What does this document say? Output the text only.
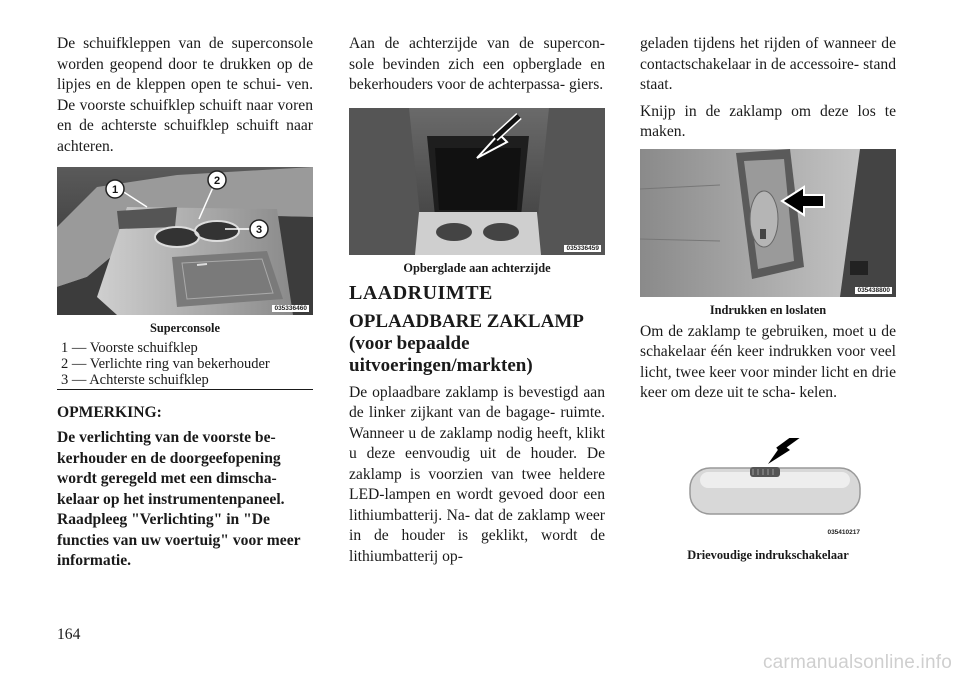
De schuifkleppen van de superconsole worden geopend door te drukken op de lipjes en de kleppen open te schui- ven. De voorste schuifklep schuift naar voren en de achterste schuifklep schuift naar achteren.

1
2
3
035336460
Superconsole
1 — Voorste schuifklep
2 — Verlichte ring van bekerhouder
3 — Achterste schuifklep
OPMERKING:
De verlichting van de voorste be- kerhouder en de doorgeefopening wordt geregeld met een dimscha- kelaar op het instrumentenpaneel. Raadpleeg "Verlichting" in "De functies van uw voertuig" voor meer informatie.

Aan de achterzijde van de supercon- sole bevinden zich een opberglade en bekerhouders voor de achterpassa- giers.

035336459
Opberglade aan achterzijde
LAADRUIMTE
OPLAADBARE ZAKLAMP (voor bepaalde uitvoeringen/markten)

De oplaadbare zaklamp is bevestigd aan de linker zijkant van de bagage- ruimte. Wanneer u de zaklamp nodig heeft, klikt u deze eenvoudig uit de houder. De zaklamp is voorzien van twee heldere LED-lampen en wordt gevoed door een lithiumbatterij. Na- dat de zaklamp weer in de houder is geklikt, wordt de lithiumbatterij op-

geladen tijdens het rijden of wanneer de contactschakelaar in de accessoire- stand staat.

Knijp in de zaklamp om deze los te maken.

035438800
Indrukken en loslaten

Om de zaklamp te gebruiken, moet u de schakelaar één keer indrukken voor veel licht, twee keer voor minder licht en drie keer om deze uit te scha- kelen.

035410217
Drievoudige indrukschakelaar
164
carmanualsonline.info
